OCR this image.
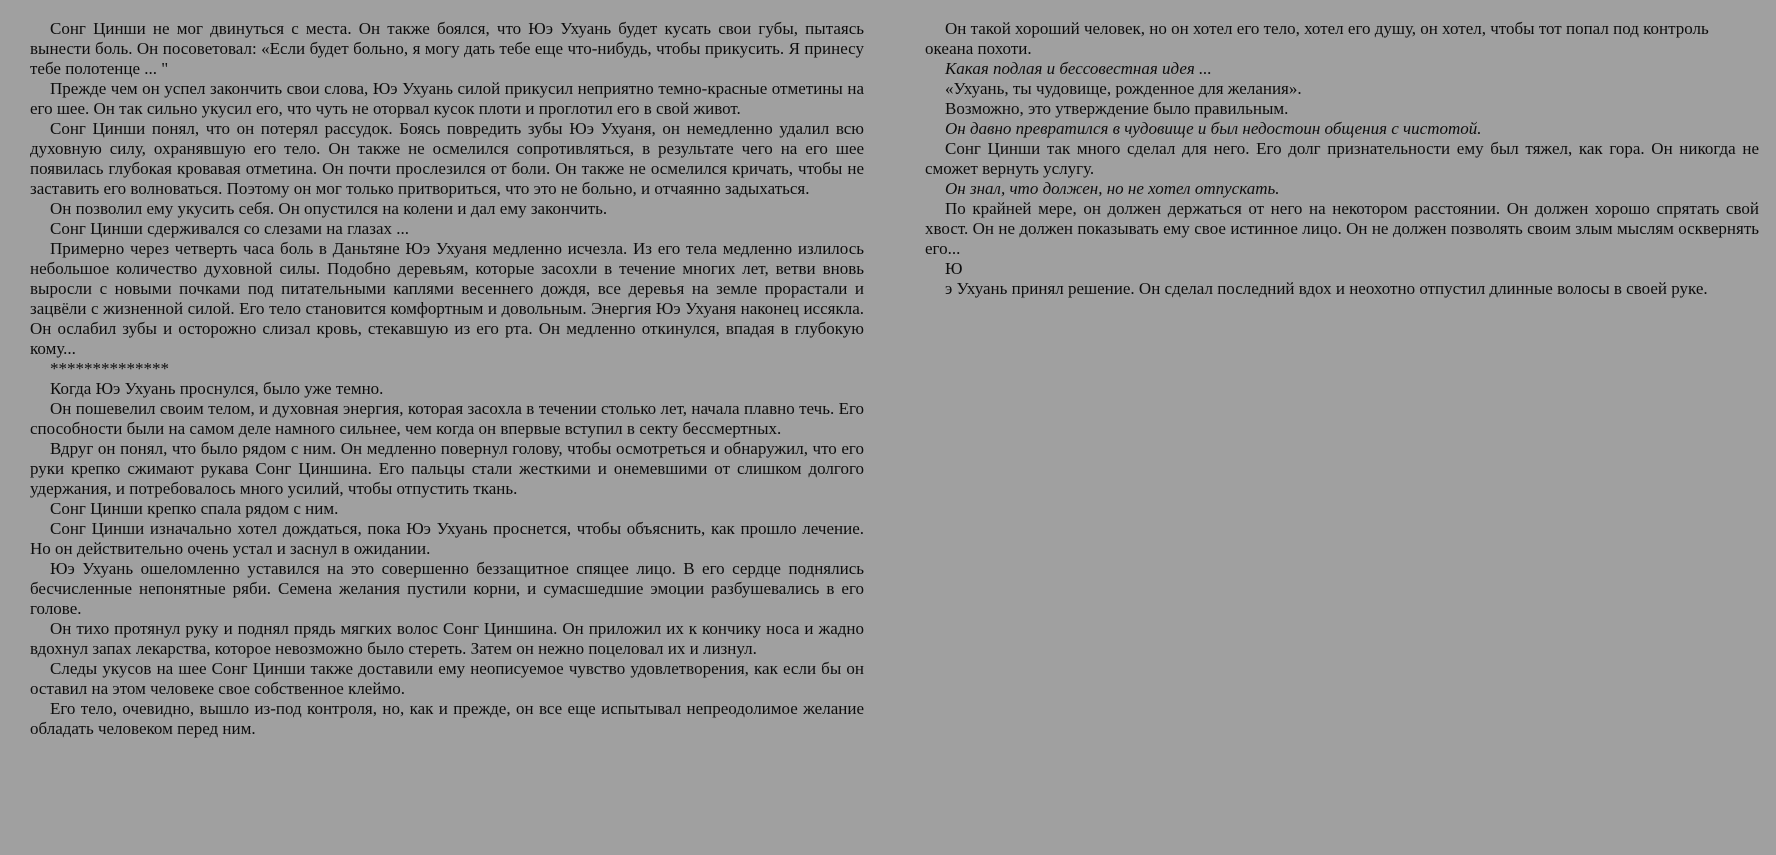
Сонг Цинши не мог двинуться с места. Он также боялся, что Юэ Ухуань будет кусать свои губы, пытаясь вынести боль. Он посоветовал: «Если будет больно, я могу дать тебе еще что-нибудь, чтобы прикусить. Я принесу тебе полотенце ... "

Прежде чем он успел закончить свои слова, Юэ Ухуань силой прикусил неприятно темно-красные отметины на его шее. Он так сильно укусил его, что чуть не оторвал кусок плоти и проглотил его в свой живот.

Сонг Цинши понял, что он потерял рассудок. Боясь повредить зубы Юэ Ухуаня, он немедленно удалил всю духовную силу, охранявшую его тело. Он также не осмелился сопротивляться, в результате чего на его шее появилась глубокая кровавая отметина. Он почти прослезился от боли. Он также не осмелился кричать, чтобы не заставить его волноваться. Поэтому он мог только притвориться, что это не больно, и отчаянно задыхаться.

Он позволил ему укусить себя. Он опустился на колени и дал ему закончить.

Сонг Цинши сдерживался со слезами на глазах ...

Примерно через четверть часа боль в Даньтяне Юэ Ухуаня медленно исчезла. Из его тела медленно излилось небольшое количество духовной силы. Подобно деревьям, которые засохли в течение многих лет, ветви вновь выросли с новыми почками под питательными каплями весеннего дождя, все деревья на земле прорастали и зацвёли с жизненной силой. Его тело становится комфортным и довольным. Энергия Юэ Ухуаня наконец иссякла. Он ослабил зубы и осторожно слизал кровь, стекавшую из его рта. Он медленно откинулся, впадая в глубокую кому...

**************

Когда Юэ Ухуань проснулся, было уже темно.

Он пошевелил своим телом, и духовная энергия, которая засохла в течении столько лет, начала плавно течь. Его способности были на самом деле намного сильнее, чем когда он впервые вступил в секту бессмертных.

Вдруг он понял, что было рядом с ним. Он медленно повернул голову, чтобы осмотреться и обнаружил, что его руки крепко сжимают рукава Сонг Циншина. Его пальцы стали жесткими и онемевшими от слишком долгого удержания, и потребовалось много усилий, чтобы отпустить ткань.

Сонг Цинши крепко спала рядом с ним.

Сонг Цинши изначально хотел дождаться, пока Юэ Ухуань проснется, чтобы объяснить, как прошло лечение. Но он действительно очень устал и заснул в ожидании.

Юэ Ухуань ошеломленно уставился на это совершенно беззащитное спящее лицо. В его сердце поднялись бесчисленные непонятные ряби. Семена желания пустили корни, и сумасшедшие эмоции разбушевались в его голове.

Он тихо протянул руку и поднял прядь мягких волос Сонг Циншина. Он приложил их к кончику носа и жадно вдохнул запах лекарства, которое невозможно было стереть. Затем он нежно поцеловал их и лизнул.

Следы укусов на шее Сонг Цинши также доставили ему неописуемое чувство удовлетворения, как если бы он оставил на этом человеке свое собственное клеймо.

Его тело, очевидно, вышло из-под контроля, но, как и прежде, он все еще испытывал непреодолимое желание обладать человеком перед ним.

Он такой хороший человек, но он хотел его тело, хотел его душу, он хотел, чтобы тот попал под контроль океана похоти.

Какая подлая и бессовестная идея ...

«Ухуань, ты чудовище, рожденное для желания».

Возможно, это утверждение было правильным.

Он давно превратился в чудовище и был недостоин общения с чистотой.

Сонг Цинши так много сделал для него. Его долг признательности ему был тяжел, как гора. Он никогда не сможет вернуть услугу.

Он знал, что должен, но не хотел отпускать.

По крайней мере, он должен держаться от него на некотором расстоянии. Он должен хорошо спрятать свой хвост. Он не должен показывать ему свое истинное лицо. Он не должен позволять своим злым мыслям осквернять его...

Ю

э Ухуань принял решение. Он сделал последний вдох и неохотно отпустил длинные волосы в своей руке.
